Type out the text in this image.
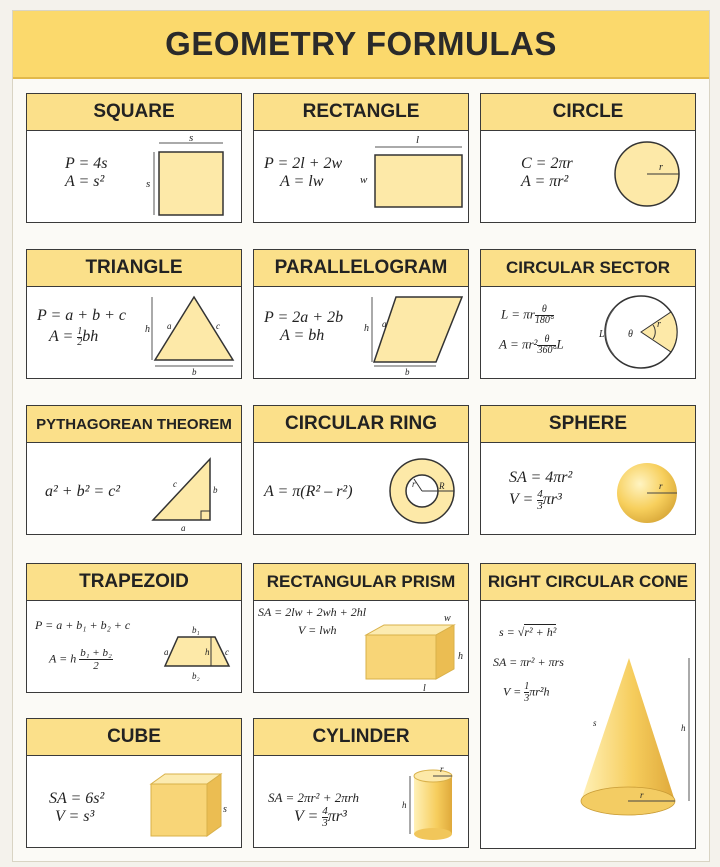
GEOMETRY FORMULAS
SQUARE
P = 4s
A = s²
s
s
RECTANGLE
P = 2l + 2w
A = lw
l
w
CIRCLE
C = 2πr
A = πr²
r
TRIANGLE
P = a + b + c
$A = \frac{1}{2}$ bh	h a	c
b
PARALLELOGRAM
P = 2a + 2b
A = bh	h a
b
CIRCULAR SECTOR
L = πr $\frac{\theta}{180^\circ}$
$A = \pi r^2 \frac{\theta}{360^\circ}$ L
L θ
r
PYTHAGOREAN THEOREM
a² + b² = c²	c
b
a
CIRCULAR RING
A = π(R² – r²)	r	R
SPHERE
SA = 4πr²
$V = \frac{4}{3} \pi r^3$
r
TRAPEZOID
P = a + b₁ + b₂ + c
A = h $\frac{\text{b₁ + b₂}}{2}$
b₁
b₂
a	h c
RECTANGULAR PRISM
SA = 2lw + 2wh + 2hl
V = lwh
w
h
l
RIGHT CIRCULAR CONE
s = √r² + h²
SA = πr² + πrs
$V = \frac{1}{3} \pi r^2h$
r
h
s
CUBE
SA = 6s²
V = s³	s
CYLINDER
SA = 2πr² + 2πrh
$V = \frac{4}{3} \pi r^3$
r
h
